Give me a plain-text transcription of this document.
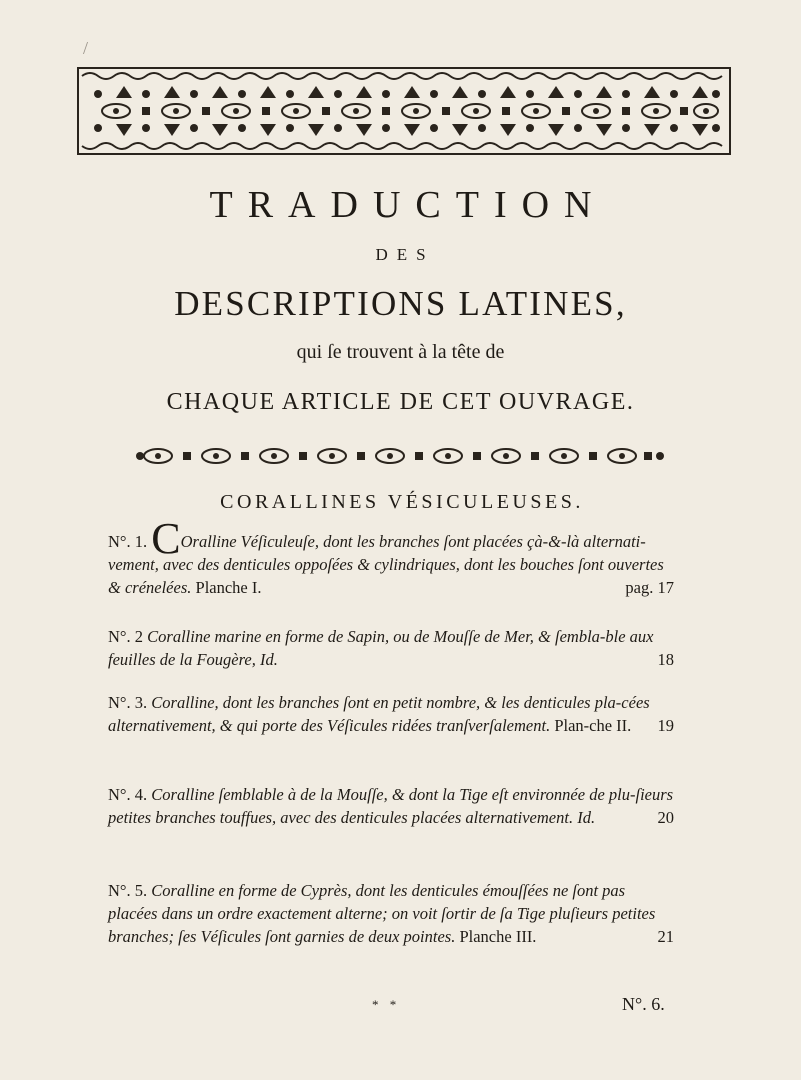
/
TRADUCTION
DES
DESCRIPTIONS LATINES,
qui ſe trouvent à la tête de
CHAQUE ARTICLE DE CET OUVRAGE.
CORALLINES VÉSICULEUSES.
N°. 1. COralline Véſiculeuſe, dont les branches ſont placées çà-&-là alternati-vement, avec des denticules oppoſées & cylindriques, dont les bouches ſont ouvertes & crénelées. Planche I.	pag. 17
N°. 2 Coralline marine en forme de Sapin, ou de Mouſſe de Mer, & ſembla-ble aux feuilles de la Fougère, Id.	18
N°. 3. Coralline, dont les branches ſont en petit nombre, & les denticules pla-cées alternativement, & qui porte des Véſicules ridées tranſverſalement. Plan-che II. 19
N°. 4. Coralline ſemblable à de la Mouſſe, & dont la Tige eſt environnée de plu-ſieurs petites branches touffues, avec des denticules placées alternativement. Id.	20
N°. 5. Coralline en forme de Cyprès, dont les denticules émouſſées ne ſont pas placées dans un ordre exactement alterne; on voit ſortir de ſa Tige pluſieurs petites branches; ſes Véſicules ſont garnies de deux pointes. Planche III.	21
* *	N°. 6.
